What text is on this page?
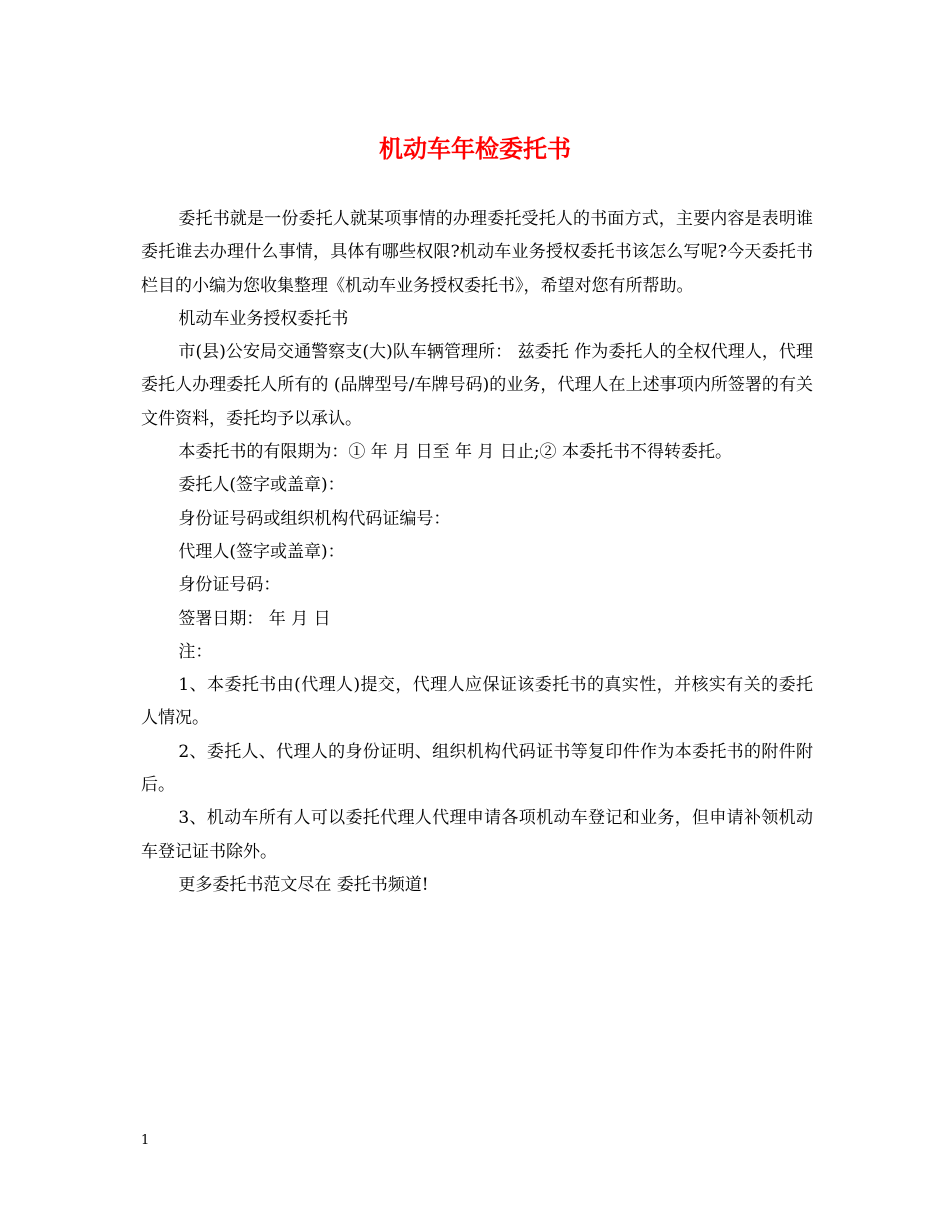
机动车年检委托书

委托书就是一份委托人就某项事情的办理委托受托人的书面方式，主要内容是表明谁委托谁去办理什么事情，具体有哪些权限?机动车业务授权委托书该怎么写呢?今天委托书栏目的小编为您收集整理《机动车业务授权委托书》，希望对您有所帮助。

机动车业务授权委托书

市(县)公安局交通警察支(大)队车辆管理所： 兹委托 作为委托人的全权代理人，代理委托人办理委托人所有的 (品牌型号/车牌号码)的业务，代理人在上述事项内所签署的有关文件资料，委托均予以承认。

本委托书的有限期为：① 年 月 日至 年 月 日止;② 本委托书不得转委托。

委托人(签字或盖章)：

身份证号码或组织机构代码证编号：

代理人(签字或盖章)：

身份证号码：

签署日期： 年 月 日

注：

1、本委托书由(代理人)提交，代理人应保证该委托书的真实性，并核实有关的委托人情况。

2、委托人、代理人的身份证明、组织机构代码证书等复印件作为本委托书的附件附后。

3、机动车所有人可以委托代理人代理申请各项机动车登记和业务，但申请补领机动车登记证书除外。

更多委托书范文尽在 委托书频道!

1
